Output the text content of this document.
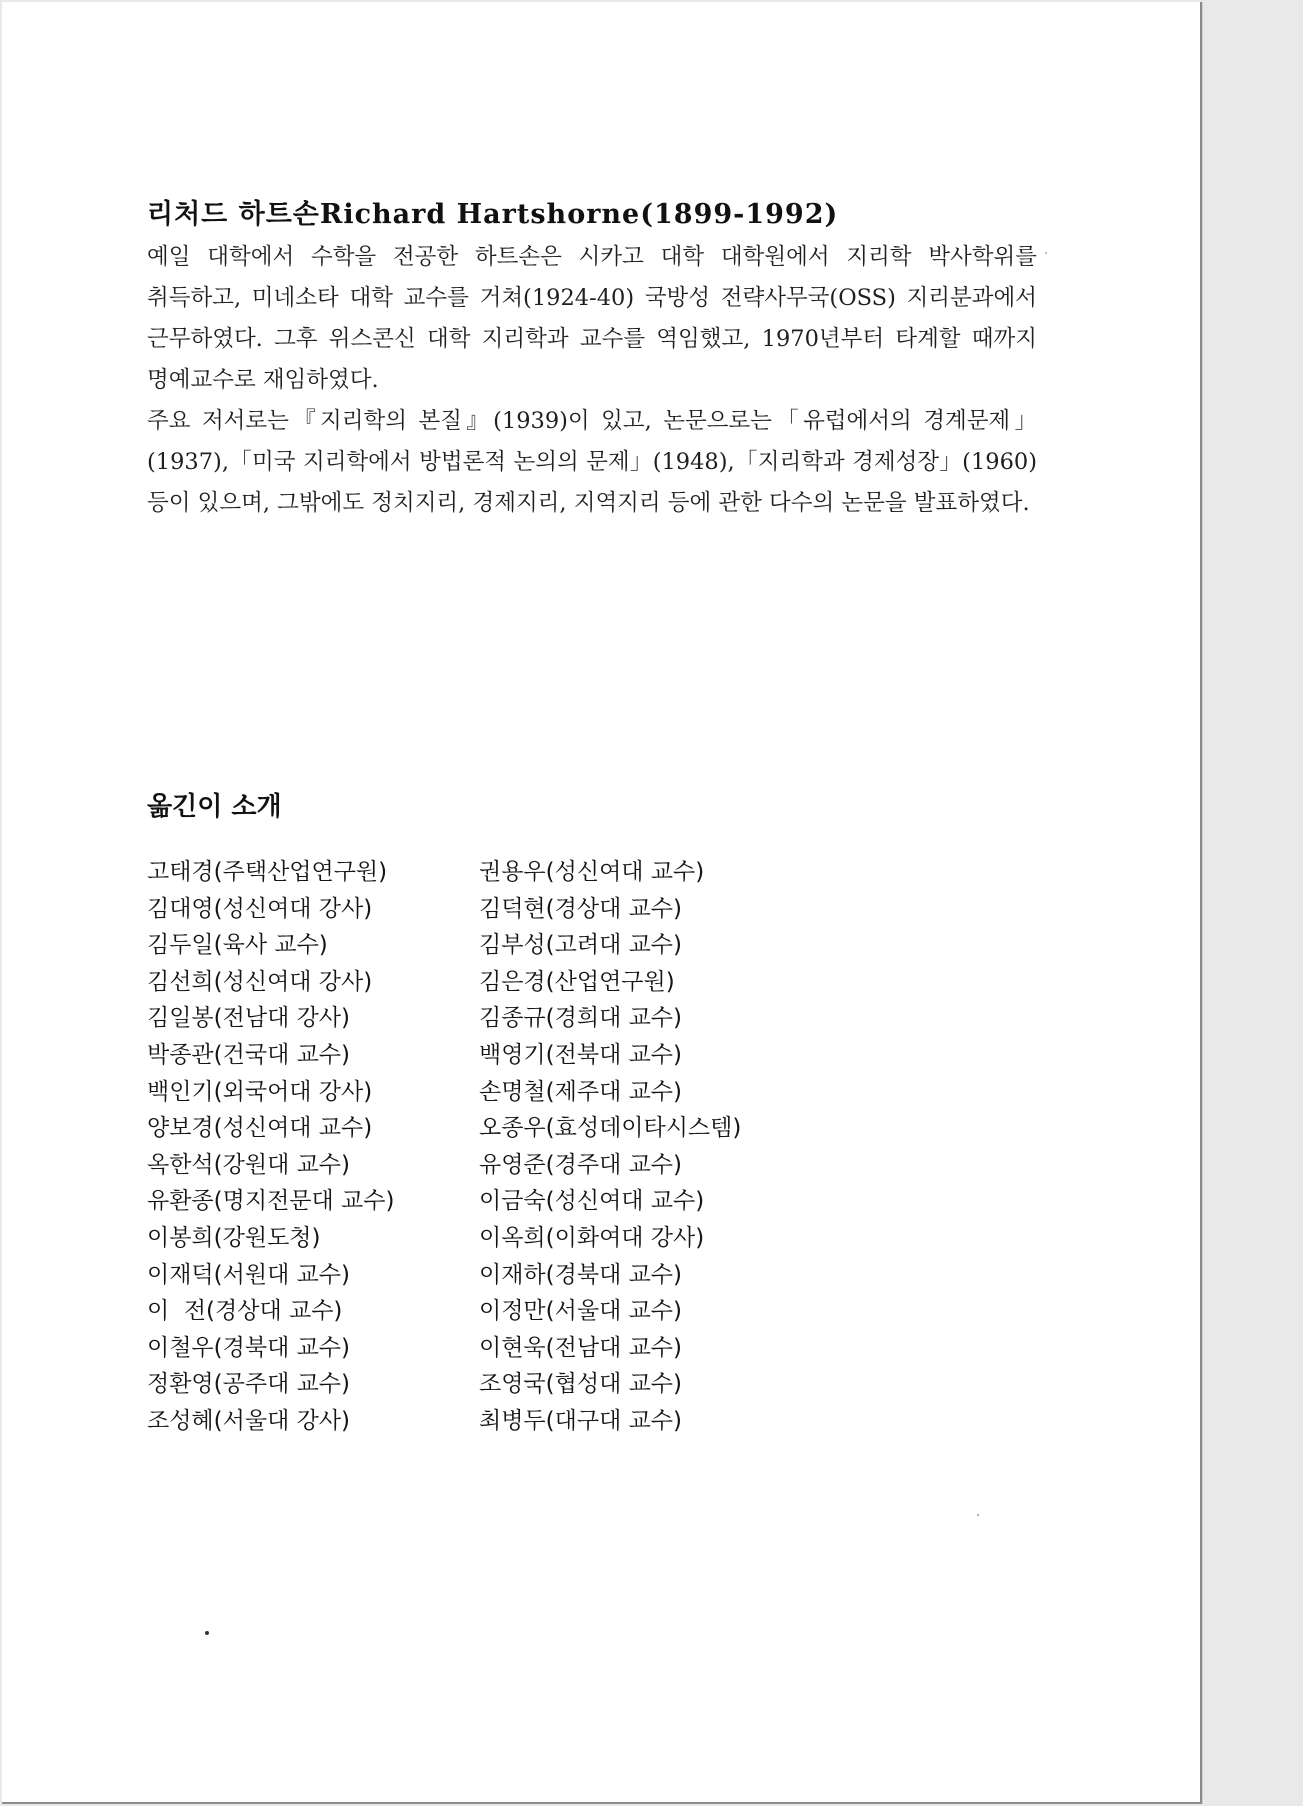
리처드 하트손Richard Hartshorne(1899-1992)

예일 대학에서 수학을 전공한 하트손은 시카고 대학 대학원에서 지리학 박사학위를 취득하고, 미네소타 대학 교수를 거쳐(1924-40) 국방성 전략사무국(OSS) 지리분과에서 근무하였다. 그후 위스콘신 대학 지리학과 교수를 역임했고, 1970년부터 타계할 때까지 명예교수로 재임하였다.

주요 저서로는『지리학의 본질』(1939)이 있고, 논문으로는「유럽에서의 경계문제」(1937),「미국 지리학에서 방법론적 논의의 문제」(1948),「지리학과 경제성장」(1960) 등이 있으며, 그밖에도 정치지리, 경제지리, 지역지리 등에 관한 다수의 논문을 발표하였다.

옮긴이 소개
고태경(주택산업연구원)	권용우(성신여대 교수)
김대영(성신여대 강사)	김덕현(경상대 교수)
김두일(육사 교수)	김부성(고려대 교수)
김선희(성신여대 강사)	김은경(산업연구원)
김일봉(전남대 강사)	김종규(경희대 교수)
박종관(건국대 교수)	백영기(전북대 교수)
백인기(외국어대 강사)	손명철(제주대 교수)
양보경(성신여대 교수)	오종우(효성데이타시스템)
옥한석(강원대 교수)	유영준(경주대 교수)
유환종(명지전문대 교수)	이금숙(성신여대 교수)
이봉희(강원도청)	이옥희(이화여대 강사)
이재덕(서원대 교수)	이재하(경북대 교수)
이  전(경상대 교수)	이정만(서울대 교수)
이철우(경북대 교수)	이현욱(전남대 교수)
정환영(공주대 교수)	조영국(협성대 교수)
조성혜(서울대 강사)	최병두(대구대 교수)
